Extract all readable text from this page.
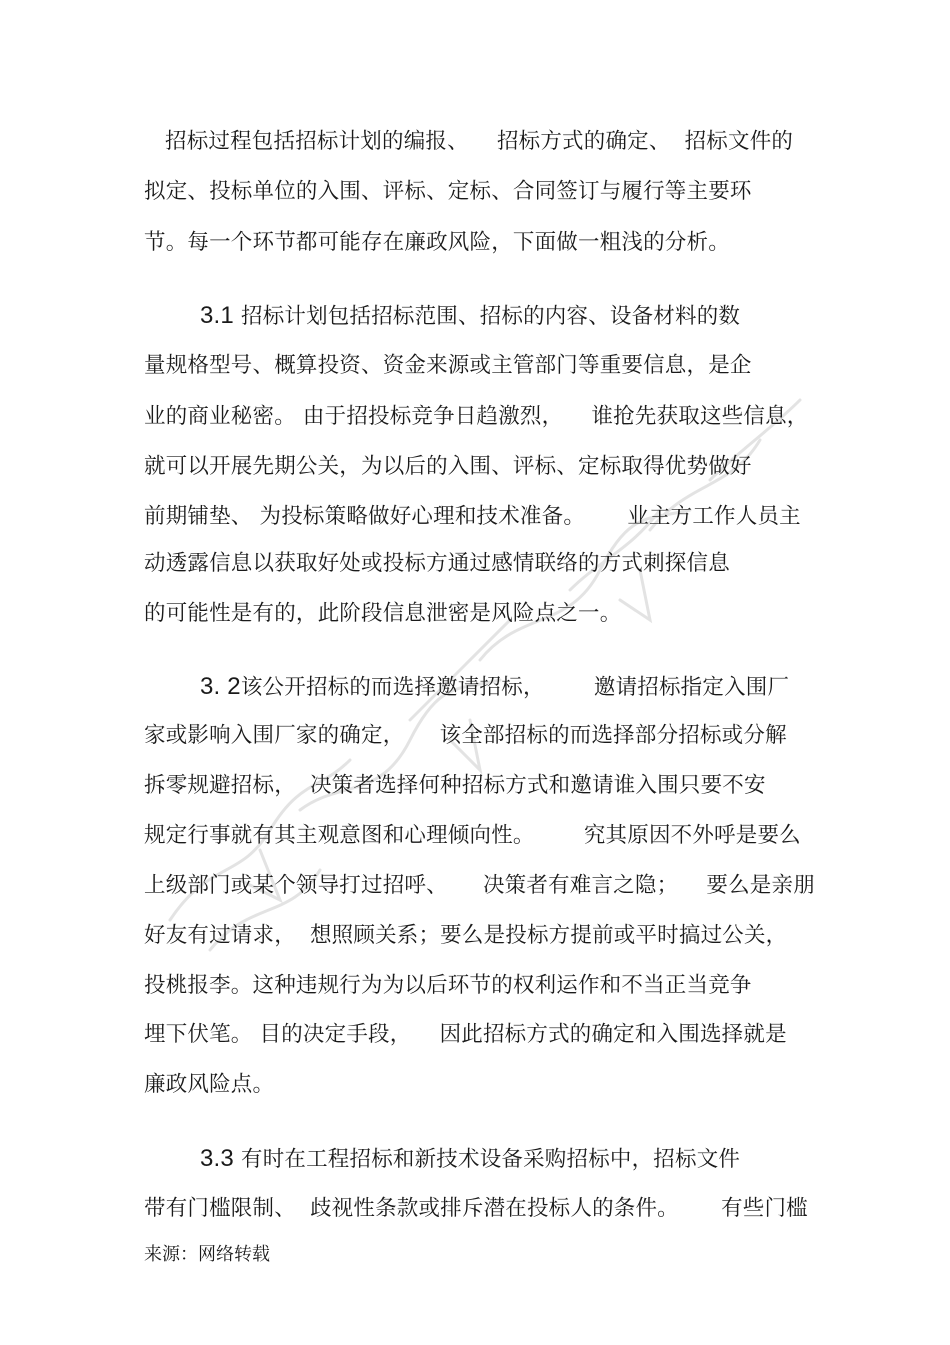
招标过程包括招标计划的编报、    招标方式的确定、  招标文件的
拟定、投标单位的入围、评标、定标、合同签订与履行等主要环
节。每一个环节都可能存在廉政风险，下面做一粗浅的分析。
3.1 招标计划包括招标范围、招标的内容、设备材料的数
量规格型号、概算投资、资金来源或主管部门等重要信息，是企
业的商业秘密。 由于招投标竞争日趋激烈，    谁抢先获取这些信息，
就可以开展先期公关，为以后的入围、评标、定标取得优势做好
前期铺垫、 为投标策略做好心理和技术准备。      业主方工作人员主
动透露信息以获取好处或投标方通过感情联络的方式刺探信息
的可能性是有的，此阶段信息泄密是风险点之一。
3. 2该公开招标的而选择邀请招标，       邀请招标指定入围厂
家或影响入围厂家的确定，     该全部招标的而选择部分招标或分解
拆零规避招标，  决策者选择何种招标方式和邀请谁入围只要不安
规定行事就有其主观意图和心理倾向性。       究其原因不外呼是要么
上级部门或某个领导打过招呼、     决策者有难言之隐；    要么是亲朋
好友有过请求，  想照顾关系；要么是投标方提前或平时搞过公关，
投桃报李。这种违规行为为以后环节的权利运作和不当正当竞争
埋下伏笔。 目的决定手段，    因此招标方式的确定和入围选择就是
廉政风险点。
3.3 有时在工程招标和新技术设备采购招标中，招标文件
带有门槛限制、  歧视性条款或排斥潜在投标人的条件。      有些门槛
来源：网络转载
